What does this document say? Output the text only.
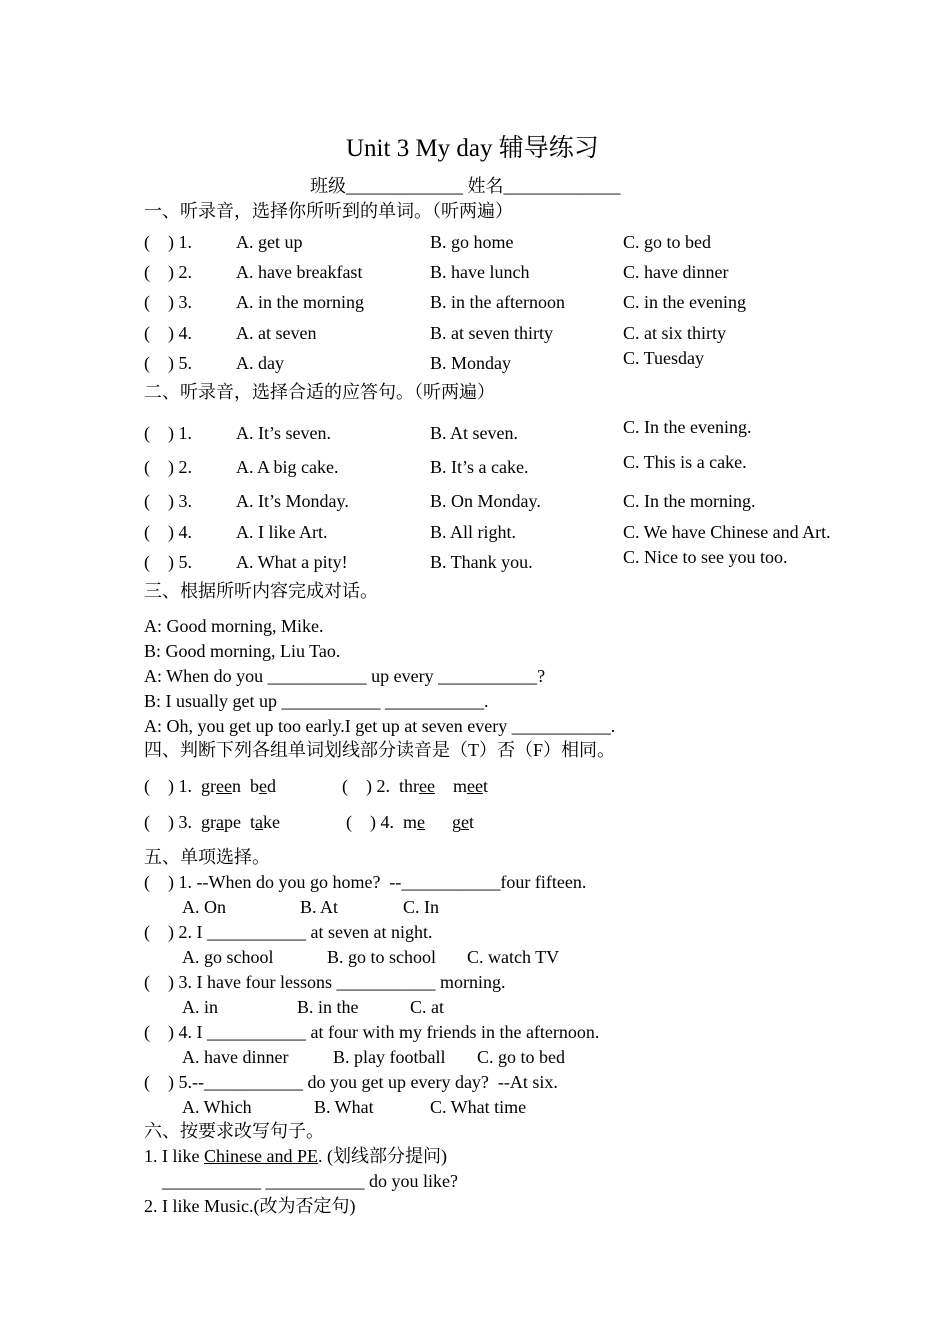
Unit 3 My day 辅导练习
班级_____________ 姓名_____________
一、听录音，选择你所听到的单词。（听两遍）
(    ) 1. A. get up	B. go home	C. go to bed
(    ) 2. A. have breakfast	B. have lunch	C. have dinner
(    ) 3. A. in the morning	B. in the afternoon	C. in the evening
(    ) 4. A. at seven	B. at seven thirty	C. at six thirty
(    ) 5. A. day	B. Monday	C. Tuesday
二、听录音，选择合适的应答句。（听两遍）
(    ) 1. A. It’s seven.	B. At seven.	C. In the evening.
(    ) 2. A. A big cake.	B. It’s a cake.	C. This is a cake.
(    ) 3. A. It’s Monday.	B. On Monday.	C. In the morning.
(    ) 4. A. I like Art.	B. All right.	C. We have Chinese and Art.
(    ) 5. A. What a pity!	B. Thank you.	C. Nice to see you too.
三、根据所听内容完成对话。
A: Good morning, Mike.
B: Good morning, Liu Tao.
A: When do you ___________ up every ___________?
B: I usually get up ___________ ___________.
A: Oh, you get up too early.I get up at seven every ___________.
四、判断下列各组单词划线部分读音是（T）否（F）相同。
(    ) 1. green bed	(    ) 2. three meet
(    ) 3. grape take	(    ) 4. me get
五、单项选择。
(    ) 1. --When do you go home?  --___________four fifteen.
A. On	B. At	C. In
(    ) 2. I ___________ at seven at night.
A. go school	B. go to school C. watch TV
(    ) 3. I have four lessons ___________ morning.
A. in	B. in the	C. at
(    ) 4. I ___________ at four with my friends in the afternoon.
A. have dinner B. play football C. go to bed
(    ) 5.--___________ do you get up every day?  --At six.
A. Which	B. What	C. What time
六、按要求改写句子。
1. I like Chinese and PE. (划线部分提问)
___________ ___________ do you like?
2. I like Music.(改为否定句)
